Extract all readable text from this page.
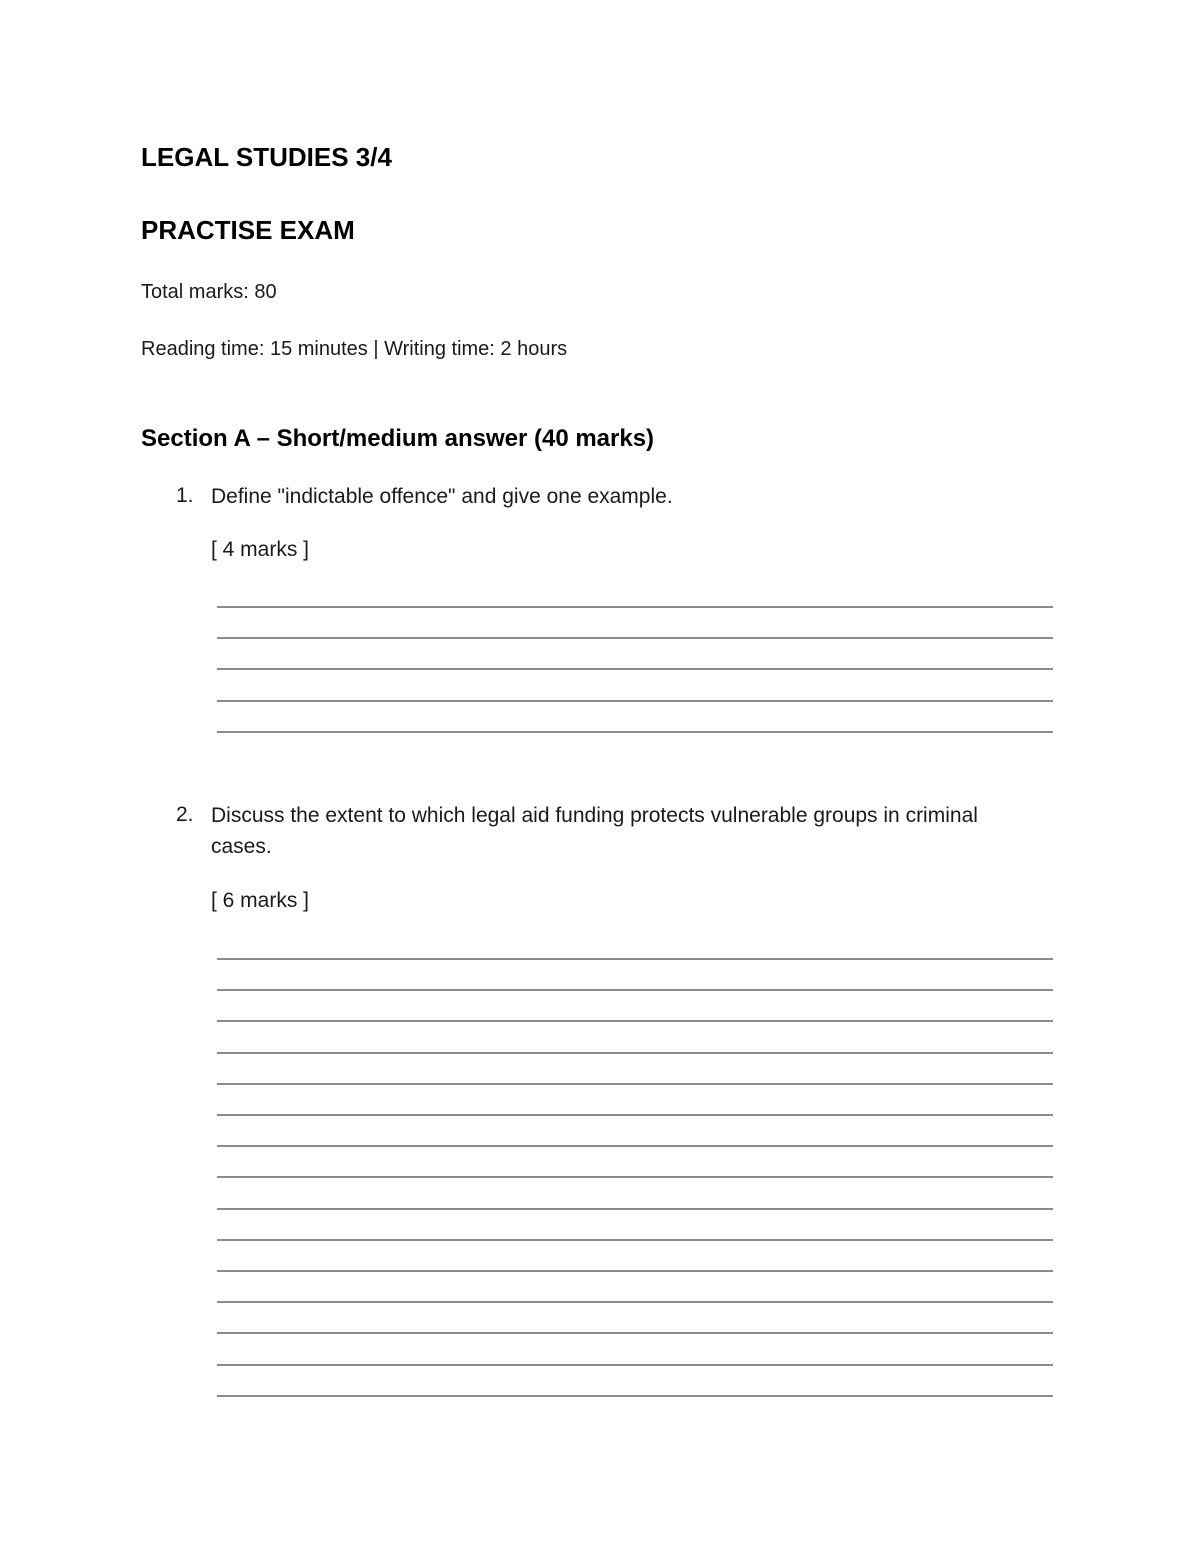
LEGAL STUDIES 3/4
PRACTISE EXAM
Total marks: 80
Reading time: 15 minutes | Writing time: 2 hours
Section A – Short/medium answer (40 marks)
1. Define "indictable offence" and give one example.
[ 4 marks ]
2. Discuss the extent to which legal aid funding protects vulnerable groups in criminal cases.
[ 6 marks ]
